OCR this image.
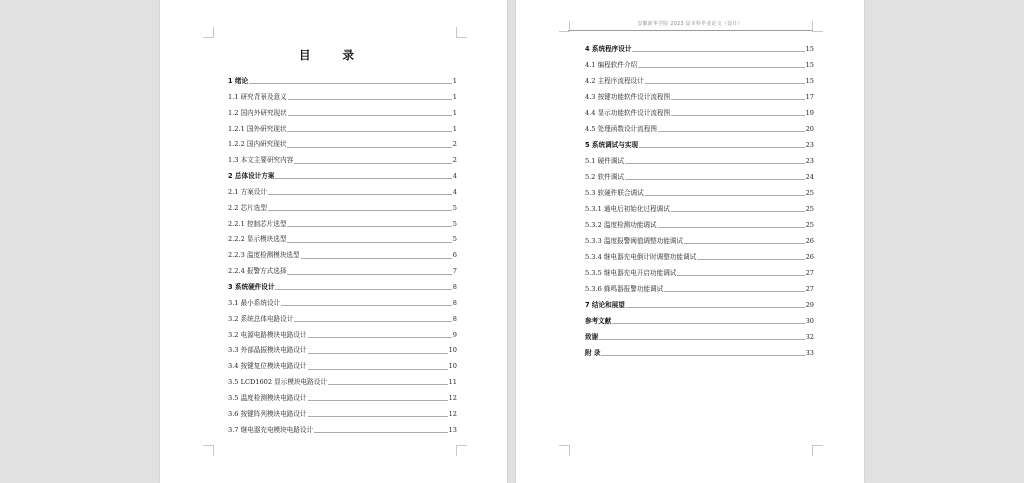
目 录
1 绪论	1
1.1 研究背景及意义	1
1.2 国内外研究现状	1
1.2.1 国外研究现状	1
1.2.2 国内研究现状	2
1.3 本文主要研究内容	2
2 总体设计方案	4
2.1 方案设计	4
2.2 芯片选型	5
2.2.1 控制芯片选型	5
2.2.2 显示模块选型	5
2.2.3 温度检测模块选型	6
2.2.4 报警方式选择	7
3 系统硬件设计	8
3.1 最小系统设计	8
3.2 系统总体电路设计	8
3.2 电源电路模块电路设计	9
3.3 外部晶振模块电路设计	10
3.4 按键复位模块电路设计	10
3.5 LCD1602 显示模块电路设计	11
3.5 温度检测模块电路设计	12
3.6 按键阵列模块电路设计	12
3.7 继电器充电模块电路设计	13
安徽新华学院 2023 届本科毕业论文（设计）
4 系统程序设计	15
4.1 编程软件介绍	15
4.2 主程序流程设计	15
4.3 按键功能软件设计流程图	17
4.4 显示功能软件设计流程图	19
4.5 处理函数设计流程图	20
5 系统调试与实现	23
5.1 硬件调试	23
5.2 软件调试	24
5.3 软硬件联合调试	25
5.3.1 通电后初始化过程调试	25
5.3.2 温度检测功能调试	25
5.3.3 温度报警阈值调整功能调试	26
5.3.4 继电器充电倒计时调整功能调试	26
5.3.5 继电器充电开启功能调试	27
5.3.6 蜂鸣器报警功能调试	27
7 结论和展望	29
参考文献	30
致谢	32
附 录	33
